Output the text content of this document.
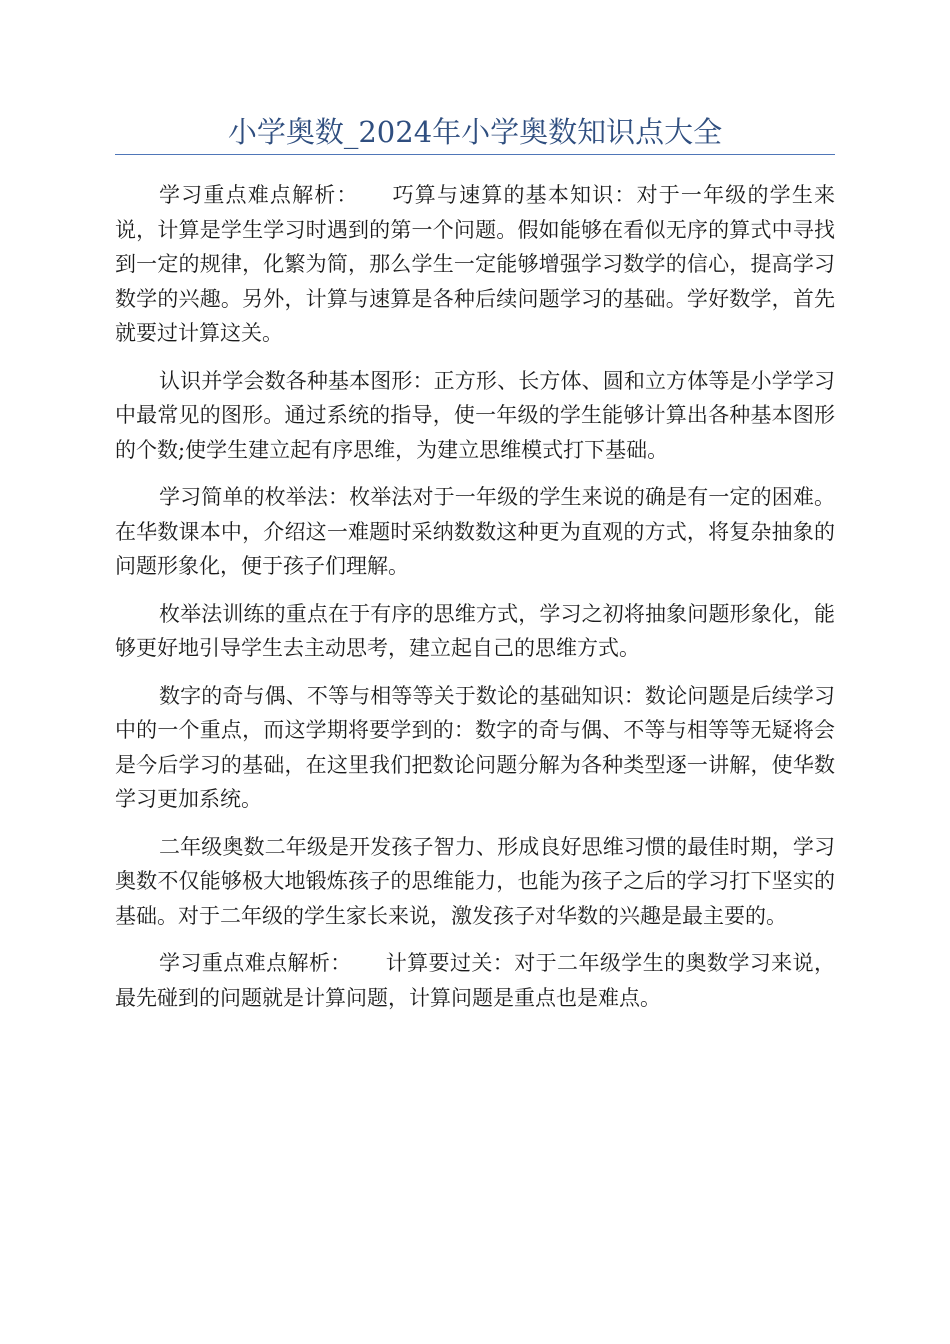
小学奥数_2024年小学奥数知识点大全

学习重点难点解析： 巧算与速算的基本知识：对于一年级的学生来说，计算是学生学习时遇到的第一个问题。假如能够在看似无序的算式中寻找到一定的规律，化繁为简，那么学生一定能够增强学习数学的信心，提高学习数学的兴趣。另外，计算与速算是各种后续问题学习的基础。学好数学，首先就要过计算这关。

认识并学会数各种基本图形：正方形、长方体、圆和立方体等是小学学习中最常见的图形。通过系统的指导，使一年级的学生能够计算出各种基本图形的个数;使学生建立起有序思维，为建立思维模式打下基础。

学习简单的枚举法：枚举法对于一年级的学生来说的确是有一定的困难。在华数课本中，介绍这一难题时采纳数数这种更为直观的方式，将复杂抽象的问题形象化，便于孩子们理解。

枚举法训练的重点在于有序的思维方式，学习之初将抽象问题形象化，能够更好地引导学生去主动思考，建立起自己的思维方式。

数字的奇与偶、不等与相等等关于数论的基础知识：数论问题是后续学习中的一个重点，而这学期将要学到的：数字的奇与偶、不等与相等等无疑将会是今后学习的基础，在这里我们把数论问题分解为各种类型逐一讲解，使华数学习更加系统。

二年级奥数二年级是开发孩子智力、形成良好思维习惯的最佳时期，学习奥数不仅能够极大地锻炼孩子的思维能力，也能为孩子之后的学习打下坚实的基础。对于二年级的学生家长来说，激发孩子对华数的兴趣是最主要的。

学习重点难点解析： 计算要过关：对于二年级学生的奥数学习来说，最先碰到的问题就是计算问题，计算问题是重点也是难点。
